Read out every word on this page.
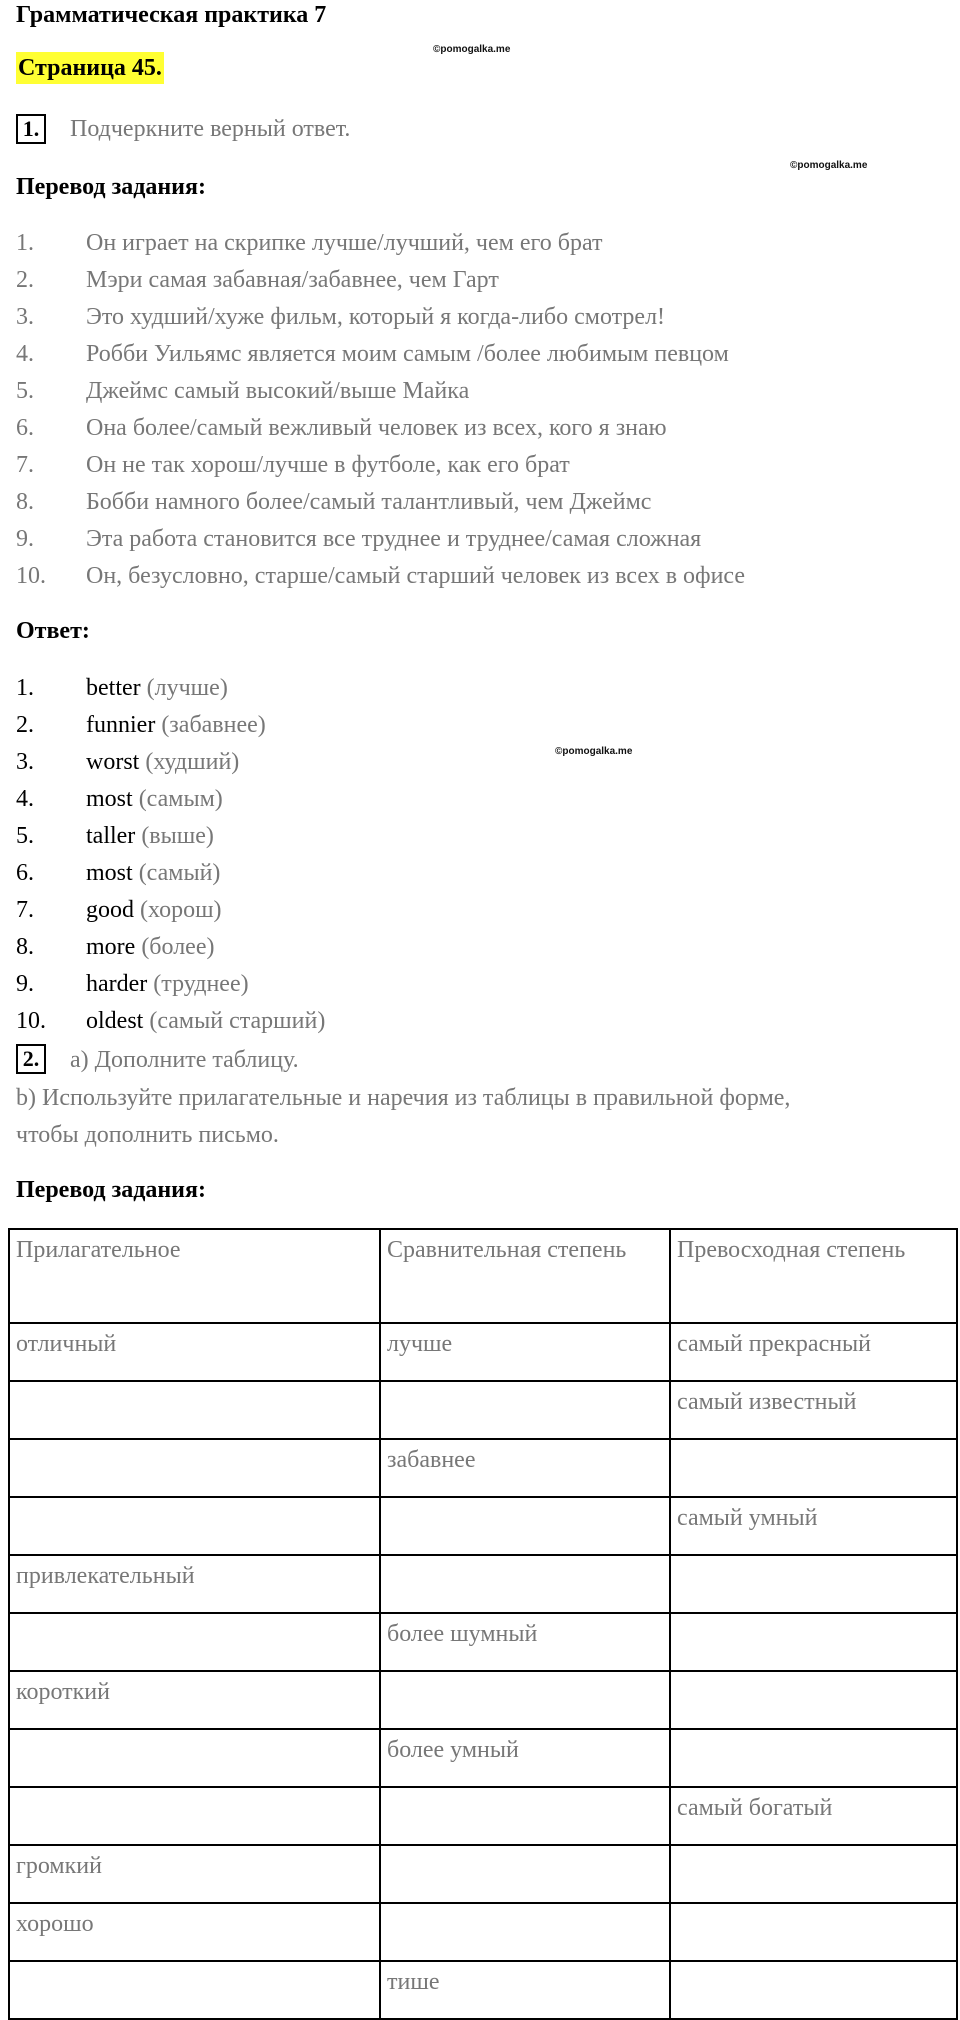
Грамматическая практика 7
©pomogalka.me
Страница 45.
1. Подчеркните верный ответ.
©pomogalka.me
Перевод задания:
1.	Он играет на скрипке лучше/лучший, чем его брат
2.	Мэри самая забавная/забавнее, чем Гарт
3.	Это худший/хуже фильм, который я когда-либо смотрел!
4.	Робби Уильямс является моим самым /более любимым певцом
5.	Джеймс самый высокий/выше Майка
6.	Она более/самый вежливый человек из всех, кого я знаю
7.	Он не так хорош/лучше в футболе, как его брат
8.	Бобби намного более/самый талантливый, чем Джеймс
9.	Эта работа становится все труднее и труднее/самая сложная
10.	Он, безусловно, старше/самый старший человек из всех в офисе
Ответ:
©pomogalka.me
1.	better (лучше)
2.	funnier (забавнее)
3.	worst (худший)
4.	most (самым)
5.	taller (выше)
6.	most (самый)
7.	good (хорош)
8.	more (более)
9.	harder (труднее)
10.	oldest (самый старший)
2. a) Дополните таблицу.
b) Используйте прилагательные и наречия из таблицы в правильной форме,
чтобы дополнить письмо.
Перевод задания:
Прилагательное	Сравнительная степень	Превосходная степень
отличный	лучше	самый прекрасный
		самый известный
	забавнее	
		самый умный
привлекательный		
	более шумный	
короткий		
	более умный	
		самый богатый
громкий		
хорошо		
	тише	
